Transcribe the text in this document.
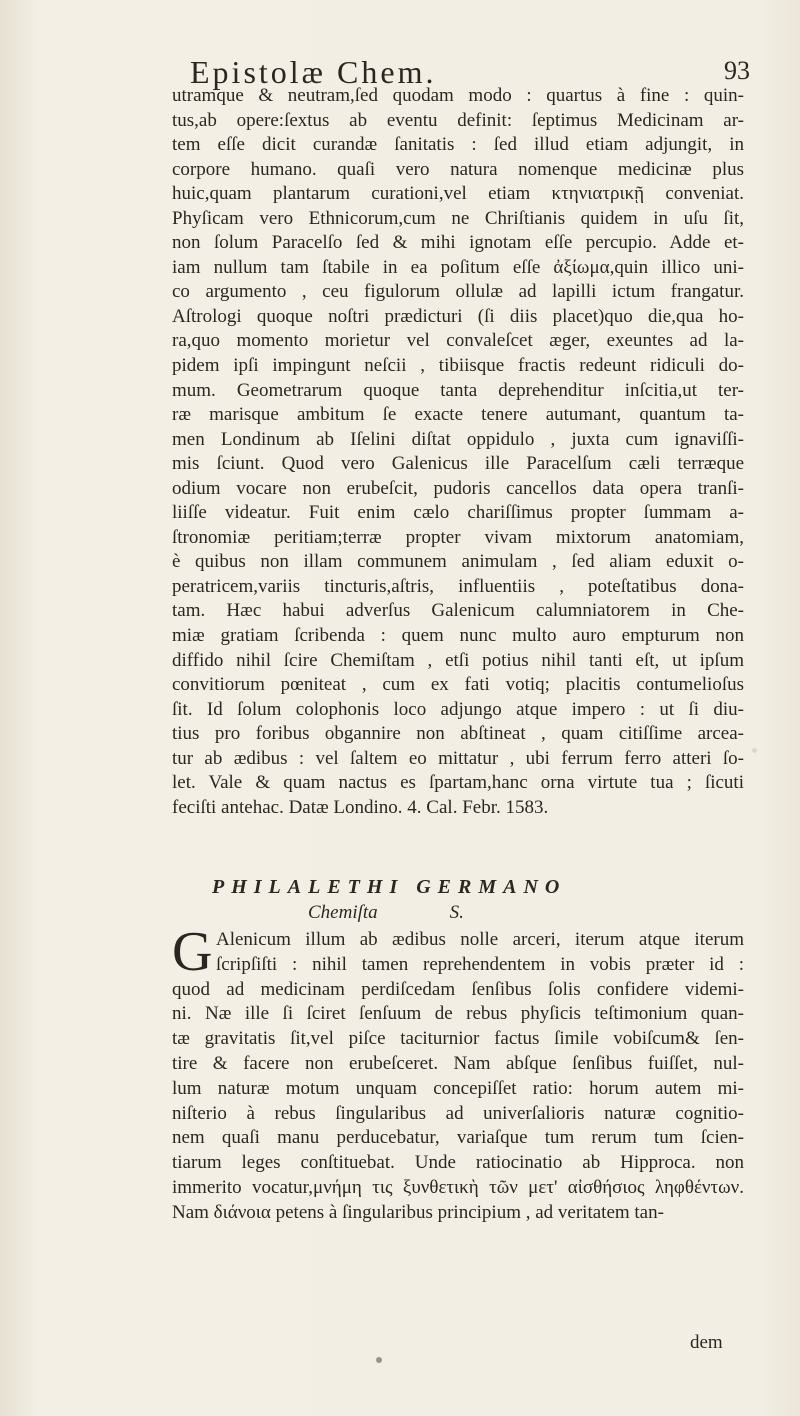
Epistolæ Chem.	93
utramque & neutram,ſed quodam modo : quartus à fine : quin-
tus,ab opere:ſextus ab eventu definit: ſeptimus Medicinam ar-
tem eſſe dicit curandæ ſanitatis : ſed illud etiam adjungit, in
corpore humano. quaſi vero natura nomenque medicinæ plus
huic,quam plantarum curationi,vel etiam κτηνιατρικῇ conveniat.
Phyſicam vero Ethnicorum,cum ne Chriſtianis quidem in uſu ſit,
non ſolum Paracelſo ſed & mihi ignotam eſſe percupio. Adde et-
iam nullum tam ſtabile in ea poſitum eſſe ἀξίωμα,quin illico uni-
co argumento , ceu figulorum ollulæ ad lapilli ictum frangatur.
Aſtrologi quoque noſtri prædicturi (ſi diis placet)quo die,qua ho-
ra,quo momento morietur vel convaleſcet æger, exeuntes ad la-
pidem ipſi impingunt neſcii , tibiisque fractis redeunt ridiculi do-
mum. Geometrarum quoque tanta deprehenditur inſcitia,ut ter-
ræ marisque ambitum ſe exacte tenere autumant, quantum ta-
men Londinum ab Iſelini diſtat oppidulo , juxta cum ignaviſſi-
mis ſciunt. Quod vero Galenicus ille Paracelſum cæli terræque
odium vocare non erubeſcit, pudoris cancellos data opera tranſi-
liiſſe videatur. Fuit enim cælo chariſſimus propter ſummam a-
ſtronomiæ peritiam;terræ propter vivam mixtorum anatomiam,
è quibus non illam communem animulam , ſed aliam eduxit o-
peratricem,variis tincturis,aſtris, influentiis , poteſtatibus dona-
tam. Hæc habui adverſus Galenicum calumniatorem in Che-
miæ gratiam ſcribenda : quem nunc multo auro empturum non
diffido nihil ſcire Chemiſtam , etſi potius nihil tanti eſt, ut ipſum
convitiorum pœniteat , cum ex fati votiq; placitis contumelioſus
ſit. Id ſolum colophonis loco adjungo atque impero : ut ſi diu-
tius pro foribus obgannire non abſtineat , quam citiſſime arcea-
tur ab ædibus : vel ſaltem eo mittatur , ubi ferrum ferro atteri ſo-
let. Vale & quam nactus es ſpartam,hanc orna virtute tua ; ſicuti
feciſti antehac. Datæ Londino. 4. Cal. Febr. 1583.
PHILALETHI GERMANO
Chemiſta	S.
G Alenicum illum ab ædibus nolle arceri, iterum atque iterum
ſcripſiſti : nihil tamen reprehendentem in vobis præter id :
quod ad medicinam perdiſcedam ſenſibus ſolis confidere videmi-
ni. Næ ille ſi ſciret ſenſuum de rebus phyſicis teſtimonium quan-
tæ gravitatis ſit,vel piſce taciturnior factus ſimile vobiſcum& ſen-
tire & facere non erubeſceret. Nam abſque ſenſibus fuiſſet, nul-
lum naturæ motum unquam concepiſſet ratio: horum autem mi-
niſterio à rebus ſingularibus ad univerſalioris naturæ cognitio-
nem quaſi manu perducebatur, variaſque tum rerum tum ſcien-
tiarum leges conſtituebat. Unde ratiocinatio ab Hipproca. non
immerito vocatur,μνήμη τις ξυνθετικὴ τῶν μετ' αἰσθήσιος ληφθέντων.
Nam διάνοια petens à ſingularibus principium , ad veritatem tan-
dem
